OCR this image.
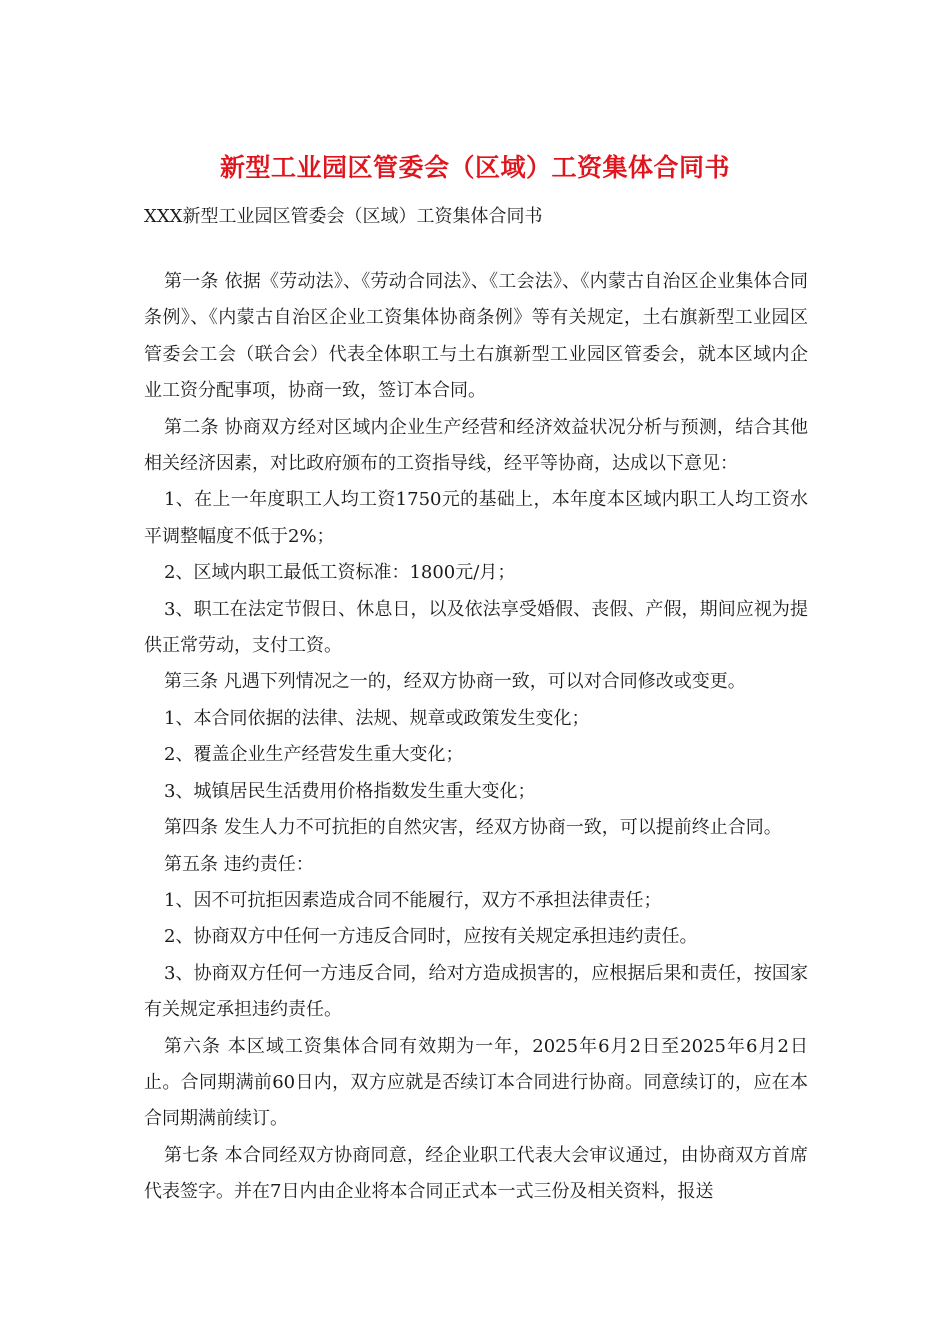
新型工业园区管委会（区域）工资集体合同书

XXX新型工业园区管委会（区域）工资集体合同书

第一条 依据《劳动法》、《劳动合同法》、《工会法》、《内蒙古自治区企业集体合同条例》、《内蒙古自治区企业工资集体协商条例》等有关规定，土右旗新型工业园区管委会工会（联合会）代表全体职工与土右旗新型工业园区管委会，就本区域内企业工资分配事项，协商一致，签订本合同。

第二条 协商双方经对区域内企业生产经营和经济效益状况分析与预测，结合其他相关经济因素，对比政府颁布的工资指导线，经平等协商，达成以下意见：

1、在上一年度职工人均工资1750元的基础上，本年度本区域内职工人均工资水平调整幅度不低于2%；

2、区域内职工最低工资标准：1800元/月；

3、职工在法定节假日、休息日，以及依法享受婚假、丧假、产假，期间应视为提供正常劳动，支付工资。

第三条 凡遇下列情况之一的，经双方协商一致，可以对合同修改或变更。

1、本合同依据的法律、法规、规章或政策发生变化；

2、覆盖企业生产经营发生重大变化；

3、城镇居民生活费用价格指数发生重大变化；

第四条 发生人力不可抗拒的自然灾害，经双方协商一致，可以提前终止合同。

第五条 违约责任：

1、因不可抗拒因素造成合同不能履行，双方不承担法律责任；

2、协商双方中任何一方违反合同时，应按有关规定承担违约责任。

3、协商双方任何一方违反合同，给对方造成损害的，应根据后果和责任，按国家有关规定承担违约责任。

第六条 本区域工资集体合同有效期为一年，2025年6月2日至2025年6月2日止。合同期满前60日内，双方应就是否续订本合同进行协商。同意续订的，应在本合同期满前续订。

第七条 本合同经双方协商同意，经企业职工代表大会审议通过，由协商双方首席代表签字。并在7日内由企业将本合同正式本一式三份及相关资料，报送
